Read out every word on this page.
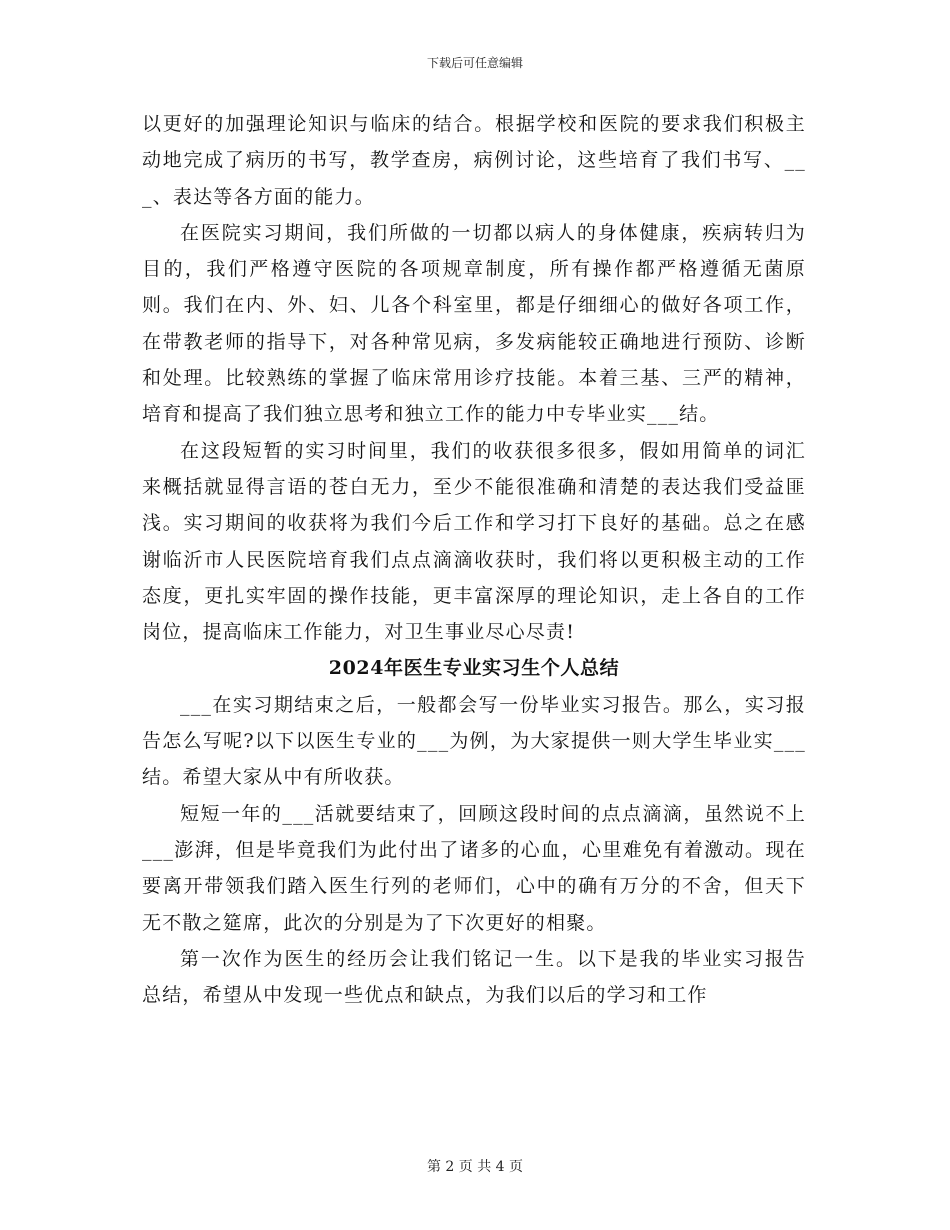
下载后可任意编辑

以更好的加强理论知识与临床的结合。根据学校和医院的要求我们积极主动地完成了病历的书写，教学查房，病例讨论，这些培育了我们书写、___、表达等各方面的能力。

在医院实习期间，我们所做的一切都以病人的身体健康，疾病转归为目的，我们严格遵守医院的各项规章制度，所有操作都严格遵循无菌原则。我们在内、外、妇、儿各个科室里，都是仔细细心的做好各项工作，在带教老师的指导下，对各种常见病，多发病能较正确地进行预防、诊断和处理。比较熟练的掌握了临床常用诊疗技能。本着三基、三严的精神，培育和提高了我们独立思考和独立工作的能力中专毕业实___结。

在这段短暂的实习时间里，我们的收获很多很多，假如用简单的词汇来概括就显得言语的苍白无力，至少不能很准确和清楚的表达我们受益匪浅。实习期间的收获将为我们今后工作和学习打下良好的基础。总之在感谢临沂市人民医院培育我们点点滴滴收获时，我们将以更积极主动的工作态度，更扎实牢固的操作技能，更丰富深厚的理论知识，走上各自的工作岗位，提高临床工作能力，对卫生事业尽心尽责!

2024年医生专业实习生个人总结

___在实习期结束之后，一般都会写一份毕业实习报告。那么，实习报告怎么写呢?以下以医生专业的___为例，为大家提供一则大学生毕业实___结。希望大家从中有所收获。

短短一年的___活就要结束了，回顾这段时间的点点滴滴，虽然说不上___澎湃，但是毕竟我们为此付出了诸多的心血，心里难免有着激动。现在要离开带领我们踏入医生行列的老师们，心中的确有万分的不舍，但天下无不散之筵席，此次的分别是为了下次更好的相聚。

第一次作为医生的经历会让我们铭记一生。以下是我的毕业实习报告总结，希望从中发现一些优点和缺点，为我们以后的学习和工作

第 2 页 共 4 页
